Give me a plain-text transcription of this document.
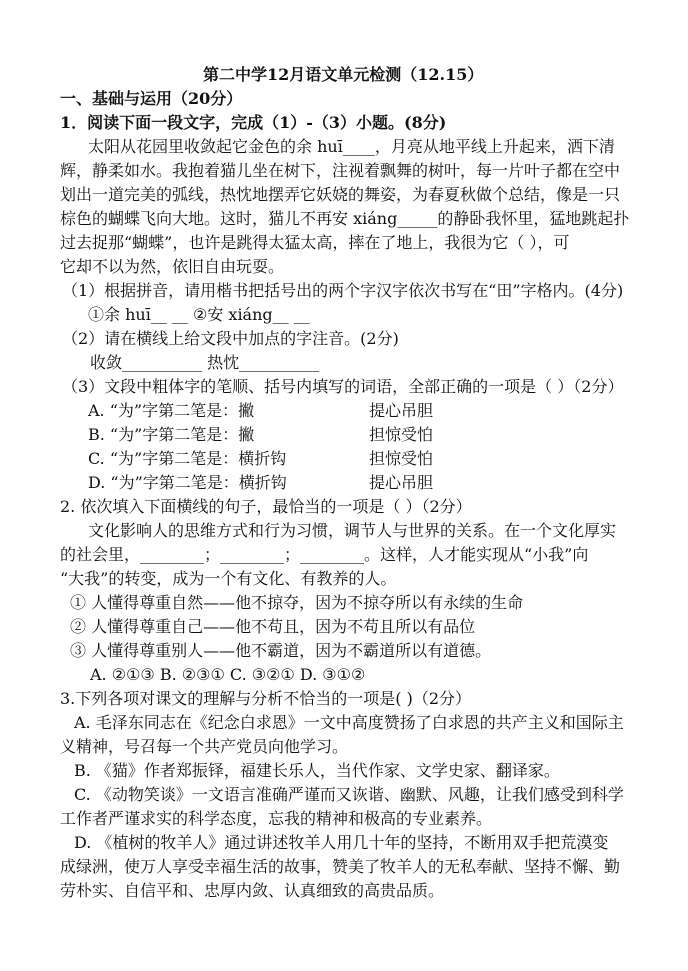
第二中学12月语文单元检测（12.15）
一、基础与运用（20分）
1．阅读下面一段文字，完成（1）-（3）小题。(8分)
太阳从花园里收敛起它金色的余 huī____，月亮从地平线上升起来，洒下清
辉，静柔如水。我抱着猫儿坐在树下，注视着飘舞的树叶，每一片叶子都在空中
划出一道完美的弧线，热忱地摆弄它妖娆的舞姿，为春夏秋做个总结，像是一只
棕色的蝴蝶飞向大地。这时，猫儿不再安 xiáng_____的静卧我怀里，猛地跳起扑
过去捉那“蝴蝶”，也许是跳得太猛太高，摔在了地上，我很为它（ ），可
它却不以为然，依旧自由玩耍。
（1）根据拼音，请用楷书把括号出的两个字汉字依次书写在“田”字格内。(4分)
①余 huī__ __ ②安 xiáng__ __
（2）请在横线上给文段中加点的字注音。(2分)
收敛__________ 热忱__________
（3）文段中粗体字的笔顺、括号内填写的词语，全部正确的一项是（ ）（2分）
A. “为”字第二笔是：撇	提心吊胆
B. “为”字第二笔是：撇	担惊受怕
C. “为”字第二笔是：横折钩	担惊受怕
D. “为”字第二笔是：横折钩	提心吊胆
2. 依次填入下面横线的句子，最恰当的一项是（ ）（2分）
文化影响人的思维方式和行为习惯，调节人与世界的关系。在一个文化厚实
的社会里，________；________；________。这样，人才能实现从“小我”向
“大我”的转变，成为一个有文化、有教养的人。
① 人懂得尊重自然——他不掠夺，因为不掠夺所以有永续的生命
② 人懂得尊重自己——他不苟且，因为不苟且所以有品位
③ 人懂得尊重别人——他不霸道，因为不霸道所以有道德。
A. ②①③ B. ②③① C. ③②① D. ③①②
3.下列各项对课文的理解与分析不恰当的一项是( )（2分）
A. 毛泽东同志在《纪念白求恩》一文中高度赞扬了白求恩的共产主义和国际主
义精神，号召每一个共产党员向他学习。
B. 《猫》作者郑振铎，福建长乐人，当代作家、文学史家、翻译家。
C. 《动物笑谈》一文语言准确严谨而又诙谐、幽默、风趣，让我们感受到科学
工作者严谨求实的科学态度，忘我的精神和极高的专业素养。
D. 《植树的牧羊人》通过讲述牧羊人用几十年的坚持，不断用双手把荒漠变
成绿洲，使万人享受幸福生活的故事，赞美了牧羊人的无私奉献、坚持不懈、勤
劳朴实、自信平和、忠厚内敛、认真细致的高贵品质。
